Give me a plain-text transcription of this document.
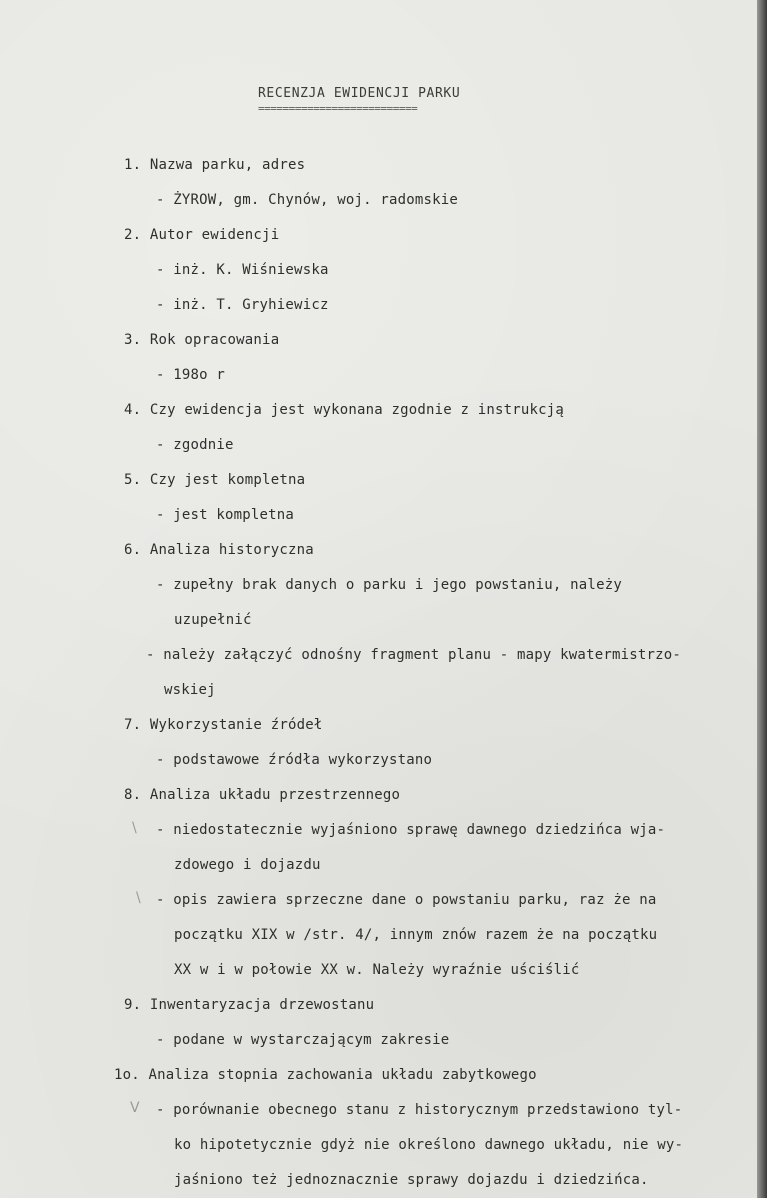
RECENZJA EWIDENCJI PARKU
==========================
1. Nazwa parku, adres
- ŻYROW, gm. Chynów, woj. radomskie
2. Autor ewidencji
- inż. K. Wiśniewska
- inż. T. Gryhiewicz
3. Rok opracowania
- 198o r
4. Czy ewidencja jest wykonana zgodnie z instrukcją
- zgodnie
5. Czy jest kompletna
- jest kompletna
6. Analiza historyczna
- zupełny brak danych o parku i jego powstaniu, należy
uzupełnić
- należy załączyć odnośny fragment planu - mapy kwatermistrzo-
wskiej
7. Wykorzystanie źródeł
- podstawowe źródła wykorzystano
8. Analiza układu przestrzennego
- niedostatecznie wyjaśniono sprawę dawnego dziedzińca wja-
zdowego i dojazdu
- opis zawiera sprzeczne dane o powstaniu parku, raz że na
początku XIX w /str. 4/, innym znów razem że na początku
XX w i w połowie XX w. Należy wyraźnie uściślić
9. Inwentaryzacja drzewostanu
- podane w wystarczającym zakresie
1o. Analiza stopnia zachowania układu zabytkowego
- porównanie obecnego stanu z historycznym przedstawiono tyl-
ko hipotetycznie gdyż nie określono dawnego układu, nie wy-
jaśniono też jednoznacznie sprawy dojazdu i dziedzińca.
\
\
V
